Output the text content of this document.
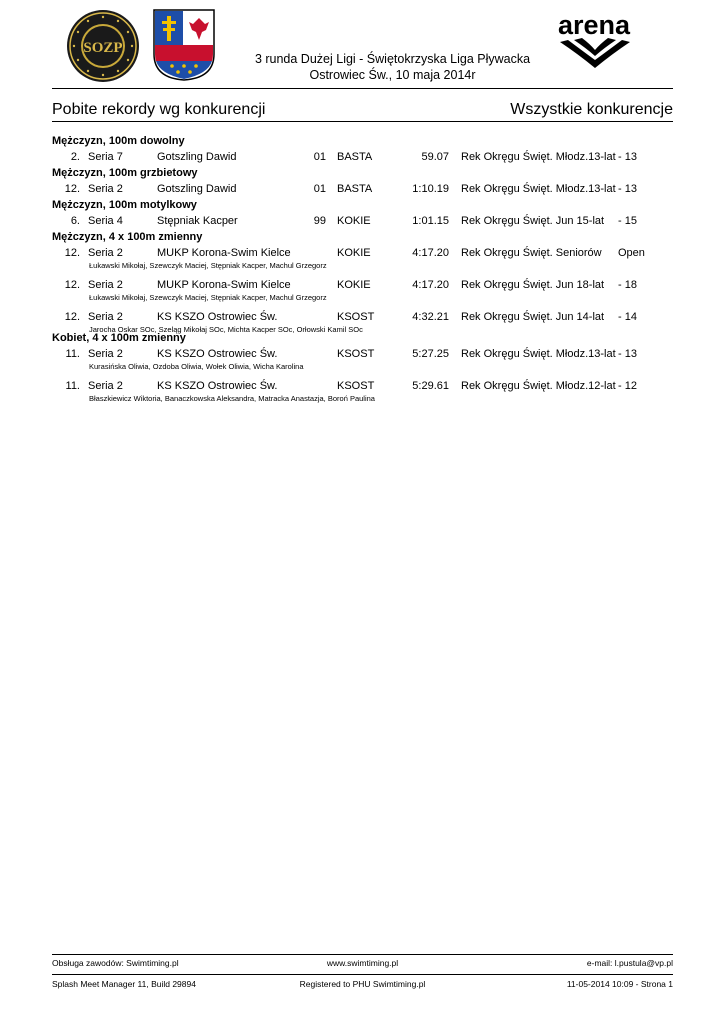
SOZP
arena
3 runda Dużej Ligi - Świętokrzyska Liga Pływacka
Ostrowiec Św., 10 maja 2014r
Pobite rekordy wg konkurencji	Wszystkie konkurencje
Mężczyzn, 100m dowolny
2. Seria 7	Gotszling Dawid	01 BASTA	59.07 Rek Okręgu Święt. Młodz.13-lat - 13
Mężczyzn, 100m grzbietowy
12. Seria 2	Gotszling Dawid	01 BASTA	1:10.19 Rek Okręgu Święt. Młodz.13-lat - 13
Mężczyzn, 100m motylkowy
6. Seria 4	Stępniak Kacper	99 KOKIE	1:01.15 Rek Okręgu Święt. Jun 15-lat - 15
Mężczyzn, 4 x 100m zmienny
12. Seria 2	MUKP Korona-Swim Kielce	KOKIE	4:17.20 Rek Okręgu Święt. Seniorów Open
Łukawski Mikołaj, Szewczyk Maciej, Stępniak Kacper, Machul Grzegorz
12. Seria 2	MUKP Korona-Swim Kielce	KOKIE	4:17.20 Rek Okręgu Święt. Jun 18-lat - 18
Łukawski Mikołaj, Szewczyk Maciej, Stępniak Kacper, Machul Grzegorz
12. Seria 2	KS KSZO Ostrowiec Św.	KSOST	4:32.21 Rek Okręgu Święt. Jun 14-lat - 14
Jarocha Oskar SOc, Szeląg Mikołaj SOc, Michta Kacper SOc, Orłowski Kamil SOc
Kobiet, 4 x 100m zmienny
11. Seria 2	KS KSZO Ostrowiec Św.	KSOST	5:27.25 Rek Okręgu Święt. Młodz.13-lat - 13
Kurasińska Oliwia, Ozdoba Oliwia, Wołek Oliwia, Wicha Karolina
11. Seria 2	KS KSZO Ostrowiec Św.	KSOST	5:29.61 Rek Okręgu Święt. Młodz.12-lat - 12
Błaszkiewicz Wiktoria, Banaczkowska Aleksandra, Matracka Anastazja, Boroń Paulina
Obsługa zawodów: Swimtiming.pl	www.swimtiming.pl	e-mail: l.pustula@vp.pl
Splash Meet Manager 11, Build 29894	Registered to PHU Swimtiming.pl	11-05-2014 10:09 - Strona 1
